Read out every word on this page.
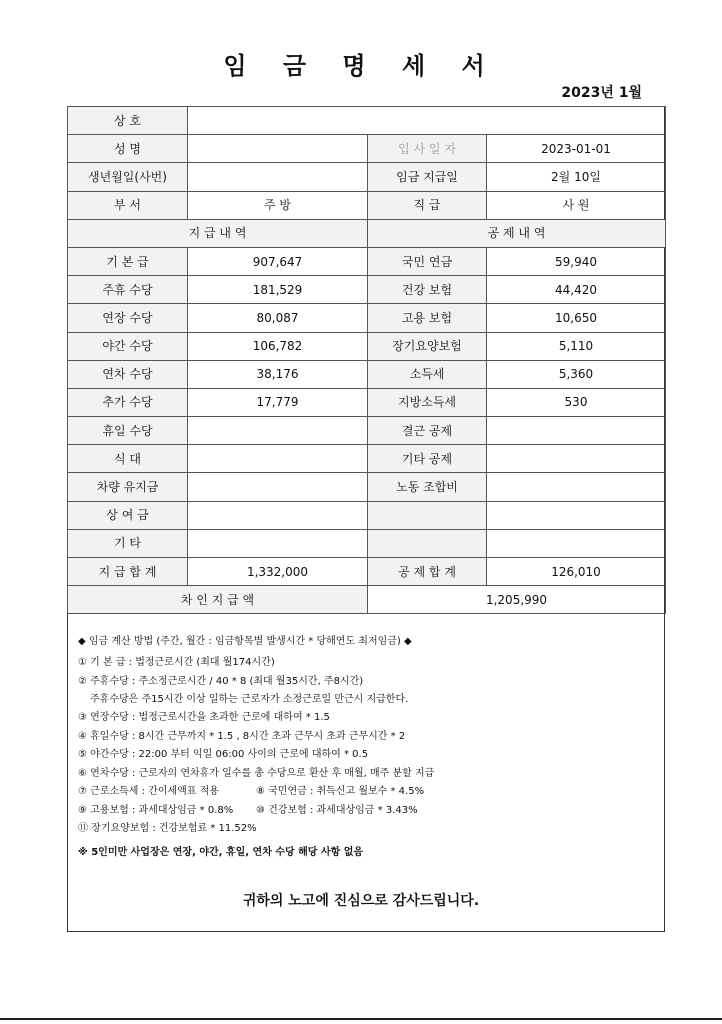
임 금 명 세 서
2023년 1월
상 호			
성 명		입 사 일 자	2023-01-01
생년월일(사번)		임금 지급일	2월 10일
부 서	주 방	직 급	사 원
지 급 내 역		공 제 내 역	
기 본 급	907,647	국민 연금	59,940
주휴 수당	181,529	건강 보험	44,420
연장 수당	80,087	고용 보험	10,650
야간 수당	106,782	장기요양보험	5,110
연차 수당	38,176	소득세	5,360
추가 수당	17,779	지방소득세	530
휴일 수당		결근 공제	
식 대		기타 공제	
차량 유지금		노동 조합비	
상 여 금			
기 타			
지 급 합 계	1,332,000	공 제 합 계	126,010
차 인 지 급 액		1,205,990	
◆ 임금 계산 방법 (주간, 월간 : 임금항목별 발생시간 * 당해연도 최저임금) ◆
① 기 본 급 : 법정근로시간 (최대 월174시간)
② 주휴수당 : 주소정근로시간 / 40 * 8 (최대 월35시간, 주8시간)
주휴수당은 주15시간 이상 일하는 근로자가 소정근로일 만근시 지급한다.
③ 연장수당 : 법정근로시간을 초과한 근로에 대하여 * 1.5
④ 휴일수당 : 8시간 근무까지 * 1.5 , 8시간 초과 근무시 초과 근무시간 * 2
⑤ 야간수당 : 22:00 부터 익일 06:00 사이의 근로에 대하여 * 0.5
⑥ 연차수당 : 근로자의 연차휴가 일수를 총 수당으로 환산 후 매월, 매주 분할 지급
⑦ 근로소득세 : 간이세액표 적용	⑧ 국민연금 : 취득신고 월보수 * 4.5%
⑨ 고용보험 : 과세대상임금 * 0.8% ⑩ 건강보험 : 과세대상임금 * 3.43%
⑪ 장기요양보험 : 건강보험료 * 11.52%
※ 5인미만 사업장은 연장, 야간, 휴일, 연차 수당 해당 사항 없음
귀하의 노고에 진심으로 감사드립니다.
